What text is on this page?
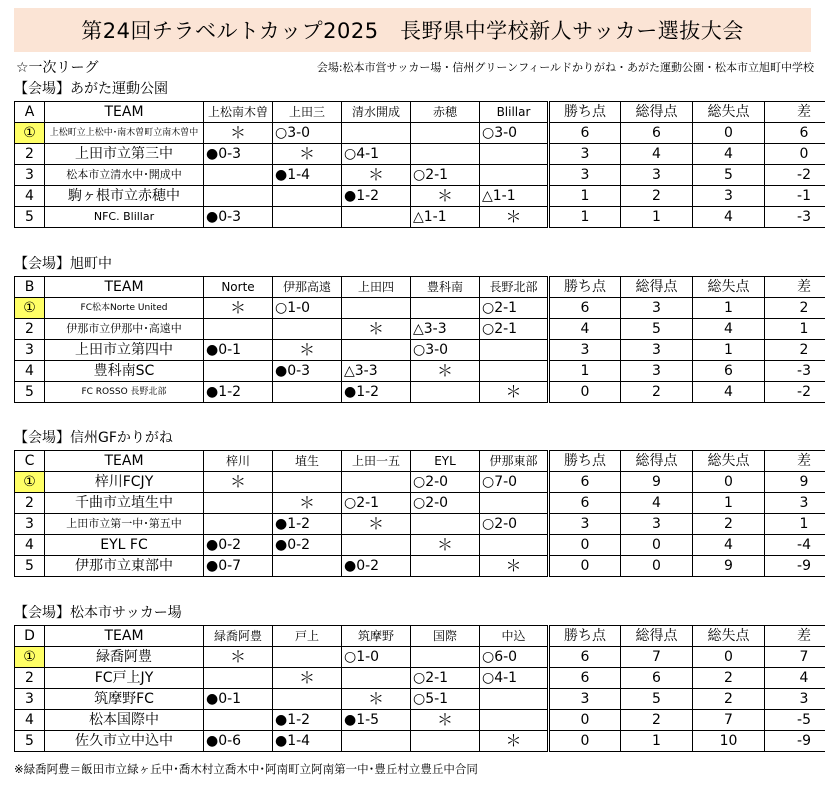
第24回チラベルトカップ2025　長野県中学校新人サッカー選抜大会
☆一次リーグ	会場:松本市営サッカー場・信州グリーンフィールドかりがね・あがた運動公園・松本市立旭町中学校
【会場】あがた運動公園
A	TEAM	上松南木曽	上田三	清水開成	赤穂	Blillar	勝ち点	総得点	総失点	差
①	上松町立上松中･南木曽町立南木曽中	＊	○3-0			○3-0	6	6	0	6
2	上田市立第三中	●0-3	＊	○4-1			3	4	4	0
3	松本市立清水中･開成中		●1-4	＊	○2-1		3	3	5	-2
4	駒ヶ根市立赤穂中			●1-2	＊	△1-1	1	2	3	-1
5	NFC. Blillar	●0-3			△1-1	＊	1	1	4	-3
【会場】旭町中
B	TEAM	Norte	伊那高遠	上田四	豊科南	長野北部	勝ち点	総得点	総失点	差
①	FC松本Norte United	＊	○1-0			○2-1	6	3	1	2
2	伊那市立伊那中･高遠中			＊	△3-3	○2-1	4	5	4	1
3	上田市立第四中	●0-1	＊		○3-0		3	3	1	2
4	豊科南SC		●0-3	△3-3	＊		1	3	6	-3
5	FC ROSSO 長野北部	●1-2		●1-2		＊	0	2	4	-2
【会場】信州GFかりがね
C	TEAM	梓川	埴生	上田一五	EYL	伊那東部	勝ち点	総得点	総失点	差
①	梓川FCJY	＊			○2-0	○7-0	6	9	0	9
2	千曲市立埴生中		＊	○2-1	○2-0		6	4	1	3
3	上田市立第一中･第五中		●1-2	＊		○2-0	3	3	2	1
4	EYL FC	●0-2	●0-2		＊		0	0	4	-4
5	伊那市立東部中	●0-7		●0-2		＊	0	0	9	-9
【会場】松本市サッカー場
D	TEAM	緑喬阿豊	戸上	筑摩野	国際	中込	勝ち点	総得点	総失点	差
①	緑喬阿豊	＊		○1-0		○6-0	6	7	0	7
2	FC戸上JY		＊		○2-1	○4-1	6	6	2	4
3	筑摩野FC	●0-1		＊	○5-1		3	5	2	3
4	松本国際中		●1-2	●1-5	＊		0	2	7	-5
5	佐久市立中込中	●0-6	●1-4			＊	0	1	10	-9
※緑喬阿豊＝飯田市立緑ヶ丘中･喬木村立喬木中･阿南町立阿南第一中･豊丘村立豊丘中合同
